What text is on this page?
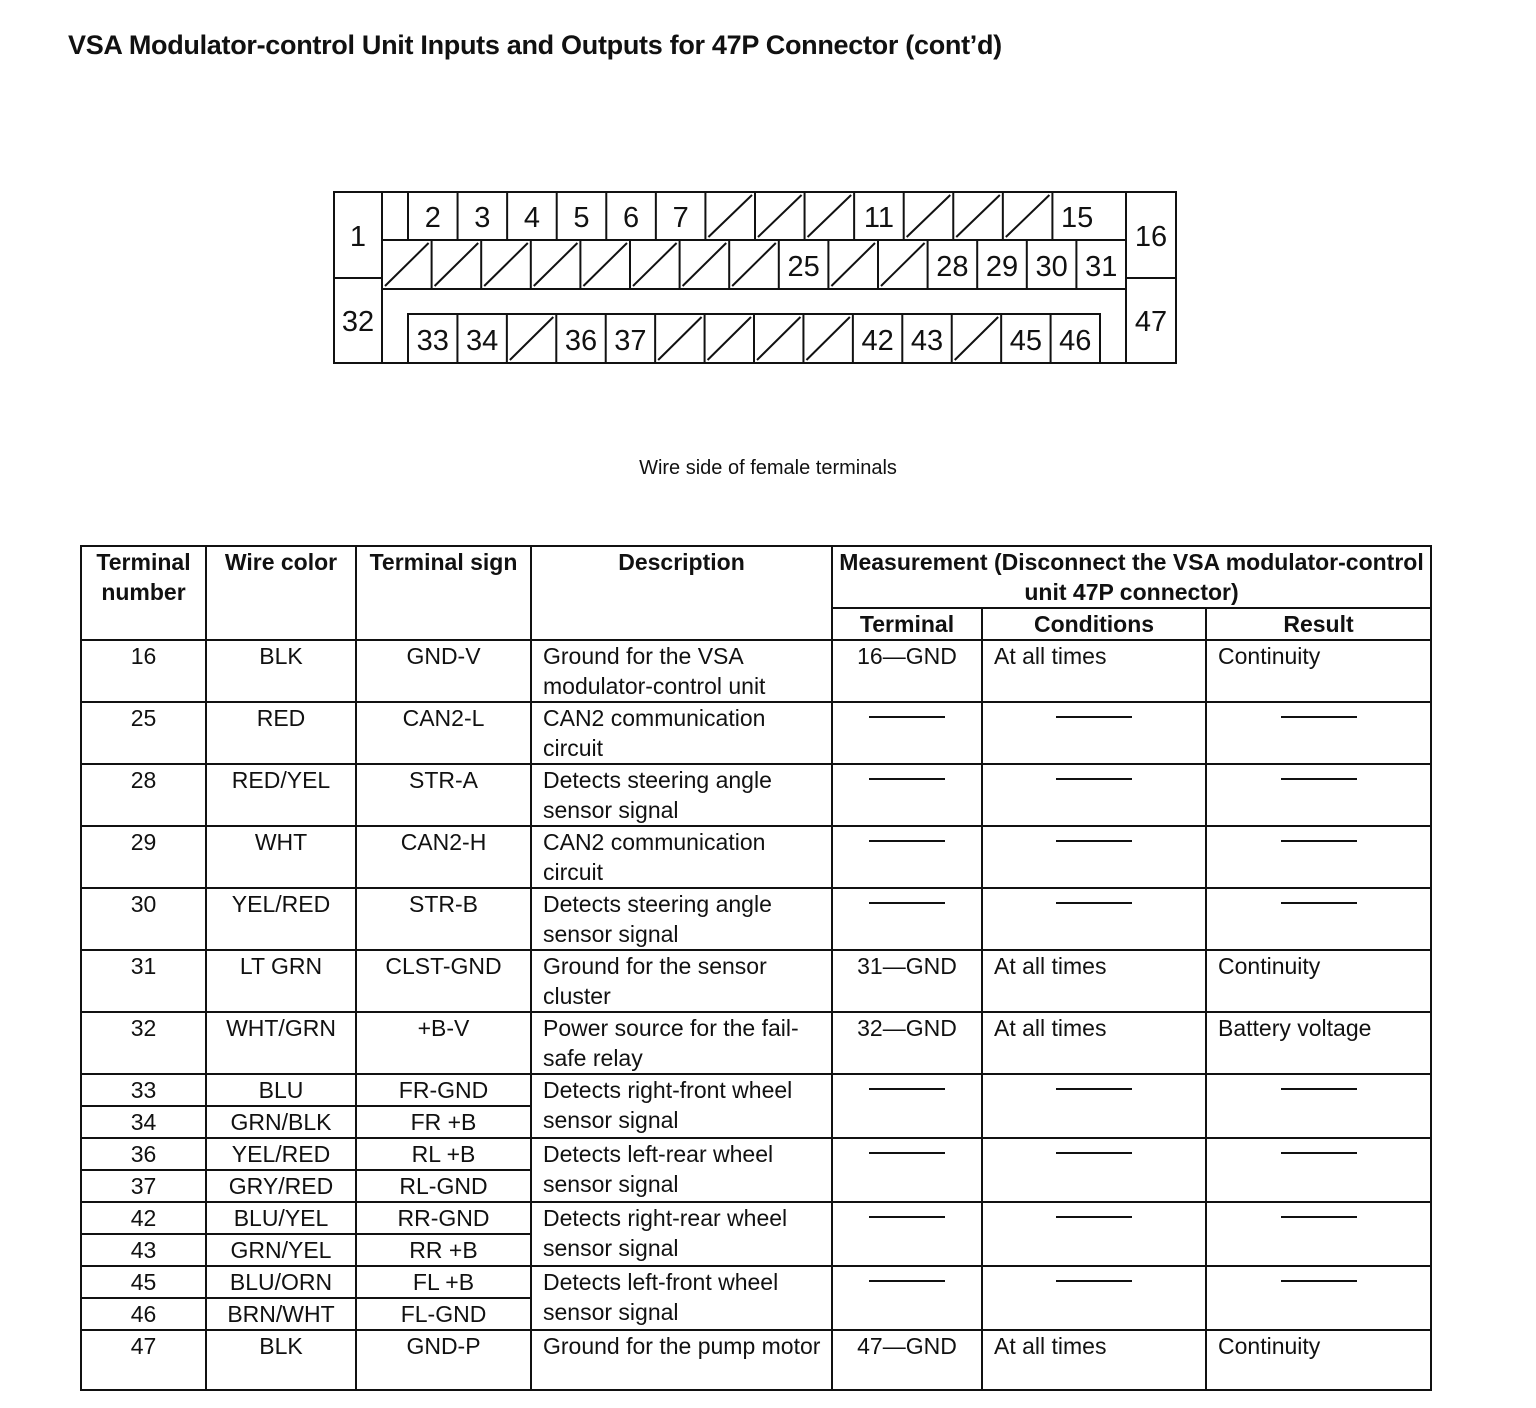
VSA Modulator-control Unit Inputs and Outputs for 47P Connector (cont’d)
1
32
16
47
2 3 4 5 6 7	11	15
25	28 29 30 31
33 34 36 37	42 43 45 46
Wire side of female terminals
Terminal number	Wire color	Terminal sign	Description	Measurement (Disconnect the VSA modulator-control unit 47P connector)		
				Terminal	Conditions	Result
16	BLK	GND-V	Ground for the VSA modulator-control unit	16—GND	At all times	Continuity
25	RED	CAN2-L	CAN2 communication circuit	

28	RED/YEL	STR-A	Detects steering angle sensor signal	

29	WHT	CAN2-H	CAN2 communication circuit	

30	YEL/RED	STR-B	Detects steering angle sensor signal	

31	LT GRN	CLST-GND	Ground for the sensor cluster	31—GND	At all times	Continuity
32	WHT/GRN	+B-V	Power source for the fail-safe relay	32—GND	At all times	Battery voltage
33	BLU	FR-GND	Detects right-front wheel sensor signal	

34	GRN/BLK	FR +B				
36	YEL/RED	RL +B	Detects left-rear wheel sensor signal	

37	GRY/RED	RL-GND				
42	BLU/YEL	RR-GND	Detects right-rear wheel sensor signal	

43	GRN/YEL	RR +B				
45	BLU/ORN	FL +B	Detects left-front wheel sensor signal	

46	BRN/WHT	FL-GND				
47	BLK	GND-P	Ground for the pump motor	47—GND	At all times	Continuity
